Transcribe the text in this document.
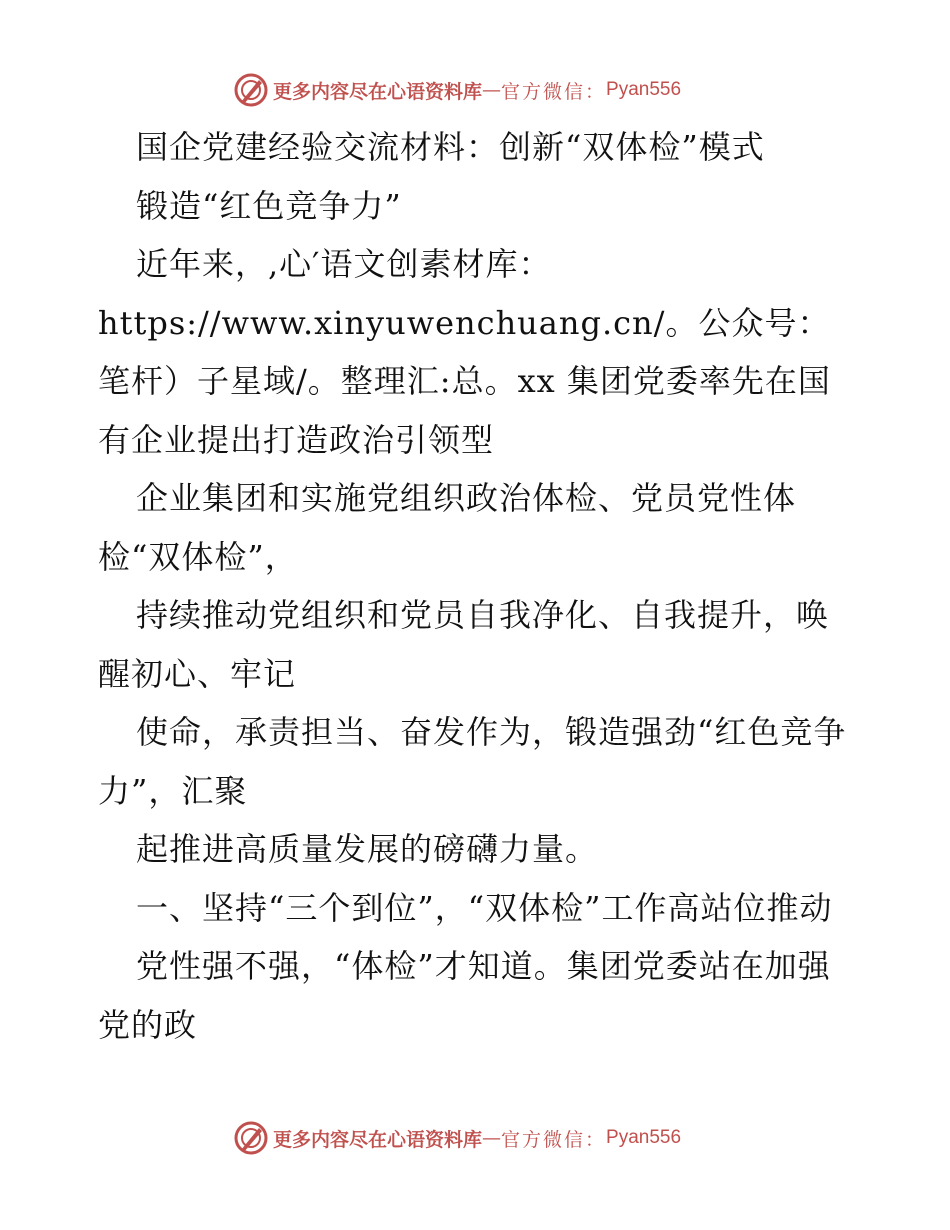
更多内容尽在心语资料库 — 官方微信： Pyan556

国企党建经验交流材料：创新“双体检”模式

锻造“红色竞争力”

近年来，,心′语文创素材库：https://www.xinyuwenchuang.cn/。公众号：笔杆）子星域/。整理汇:总。xx 集团党委率先在国有企业提出打造政治引领型

企业集团和实施党组织政治体检、党员党性体检“双体检”，

持续推动党组织和党员自我净化、自我提升，唤醒初心、牢记

使命，承责担当、奋发作为，锻造强劲“红色竞争力”，汇聚

起推进高质量发展的磅礴力量。

一、坚持“三个到位”，“双体检”工作高站位推动

党性强不强，“体检”才知道。集团党委站在加强党的政

更多内容尽在心语资料库 — 官方微信： Pyan556
